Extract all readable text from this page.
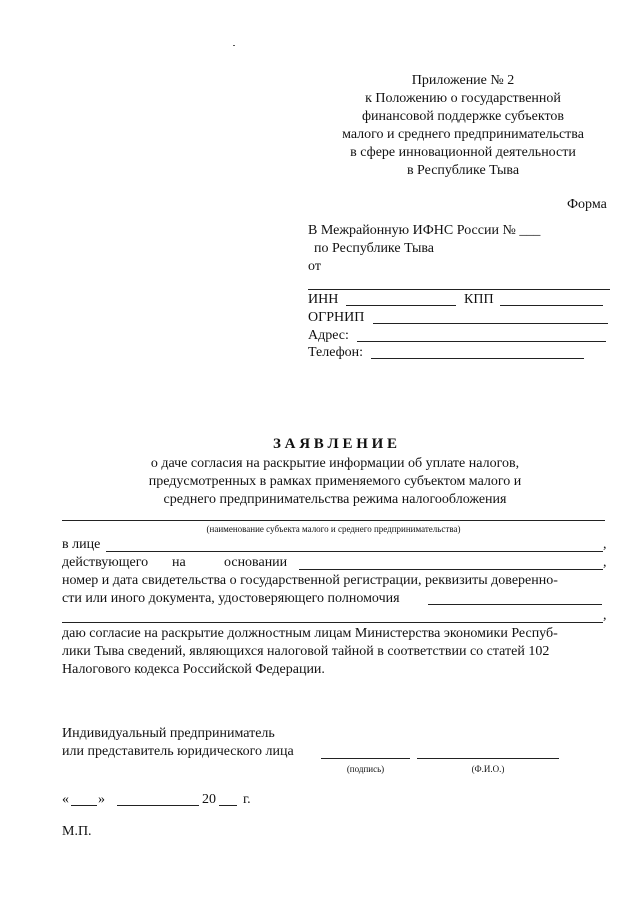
Приложение № 2
к Положению о государственной
финансовой поддержке субъектов
малого и среднего предпринимательства
в сфере инновационной деятельности
в Республике Тыва
Форма
В Межрайонную ИФНС России № ___
по Республике Тыва
от
ИНН	КПП
ОГРНИП
Адрес:
Телефон:
З А Я В Л Е Н И Е
о даче согласия на раскрытие информации об уплате налогов,
предусмотренных в рамках применяемого субъектом малого и
среднего предпринимательства режима налогообложения
(наименование субъекта малого и среднего предпринимательства)
в лице	,
действующего на	основании	,
номер и дата свидетельства о государственной регистрации, реквизиты доверенно-
сти или иного документа, удостоверяющего полномочия
,
даю согласие на раскрытие должностным лицам Министерства экономики Респуб-
лики Тыва сведений, являющихся налоговой тайной в соответствии со статей 102
Налогового кодекса Российской Федерации.
Индивидуальный предприниматель
или представитель юридического лица
(подпись)	(Ф.И.О.)
« »	20 г.
М.П.
